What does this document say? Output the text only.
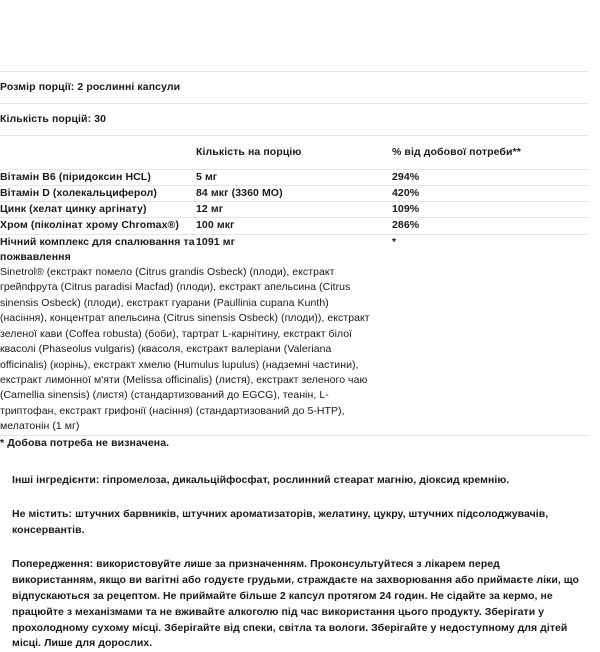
Розмір порції: 2 рослинні капсули		
Кількість порцій: 30		
	Кількість на порцію	% від добової потреби**
Вітамін B6 (піридоксин HCL)	5 мг	294%
Вітамін D (холекальциферол)	84 мкг (3360 МО)	420%
Цинк (хелат цинку аргінату)	12 мг	109%
Хром (піколінат хрому Chromax®)	100 мкг	286%
Нічний комплекс для спалювання та пожвавлення	1091 мг	*

Sinetrol® (екстракт помело (Citrus grandis Osbeck) (плоди), екстракт грейпфрута (Citrus paradisi Macfad) (плоди), екстракт апельсина (Citrus sinensis Osbeck) (плоди), екстракт гуарани (Paullinia cupana Kunth) (насіння), концентрат апельсина (Citrus sinensis Osbeck) (плоди)), екстракт зеленої кави (Coffea robusta) (боби), тартрат L-карнітину, екстракт білої квасолі (Phaseolus vulgaris) (квасоля, екстракт валеріани (Valeriana officinalis) (корінь), екстракт хмелю (Humulus lupulus) (надземні частини), екстракт лимонної м'яти (Melissa officinalis) (листя), екстракт зеленого чаю (Camellia sinensis) (листя) (стандартизований до EGCG), теанін, L-триптофан, екстракт грифонії (насіння) (стандартизований до 5-HTP), мелатонін (1 мг)		

* Добова потреба не визначена.		

Інші інгредієнти: гіпромелоза, дикальційфосфат, рослинний стеарат магнію, діоксид кремнію.

Не містить: штучних барвників, штучних ароматизаторів, желатину, цукру, штучних підсолоджувачів, консервантів.

Попередження: використовуйте лише за призначенням. Проконсультуйтеся з лікарем перед використанням, якщо ви вагітні або годуєте грудьми, страждаєте на захворювання або приймаєте ліки, що відпускаються за рецептом. Не приймайте більше 2 капсул протягом 24 годин. Не сідайте за кермо, не працюйте з механізмами та не вживайте алкоголю під час використання цього продукту. Зберігати у прохолодному сухому місці. Зберігайте від спеки, світла та вологи. Зберігайте у недоступному для дітей місці. Лише для дорослих.
